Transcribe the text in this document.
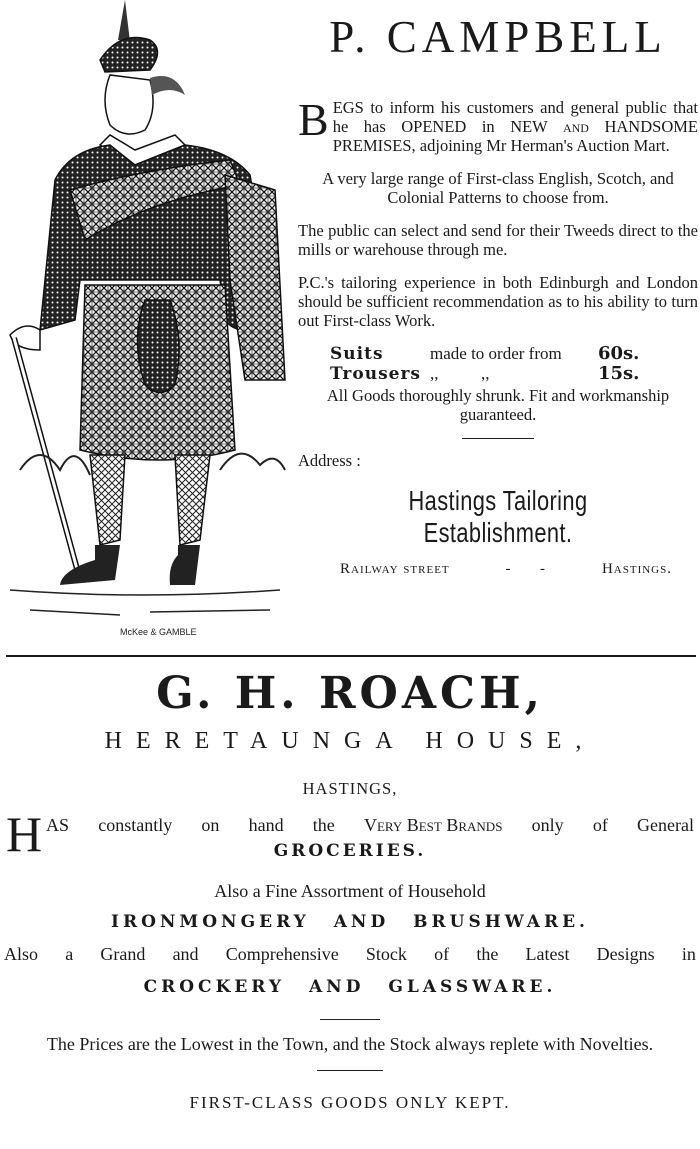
McKee & GAMBLE
P. CAMPBELL

BEGS to inform his customers and general public that he has OPENED in NEW and HANDSOME PREMISES, adjoining Mr Herman's Auction Mart.

A very large range of First-class English, Scotch, and Colonial Patterns to choose from.

The public can select and send for their Tweeds direct to the mills or warehouse through me.

P.C.'s tailoring experience in both Edinburgh and London should be sufficient recommendation as to his ability to turn out First-class Work.

Suits	made to order from	60s.
Trousers ,,          ,,	15s.

All Goods thoroughly shrunk. Fit and workmanship guaranteed.

Address :

Hastings Tailoring Establishment.

Railway street	-      -	Hastings.
G. H. ROACH,

HERETAUNGA HOUSE,

HASTINGS,

H AS constantly on hand the Very Best Brands only of General
GROCERIES.

Also a Fine Assortment of Household

IRONMONGERY AND BRUSHWARE.

Also a Grand and Comprehensive Stock of the Latest Designs in

CROCKERY AND GLASSWARE.

The Prices are the Lowest in the Town, and the Stock always replete with Novelties.

FIRST-CLASS GOODS ONLY KEPT.
